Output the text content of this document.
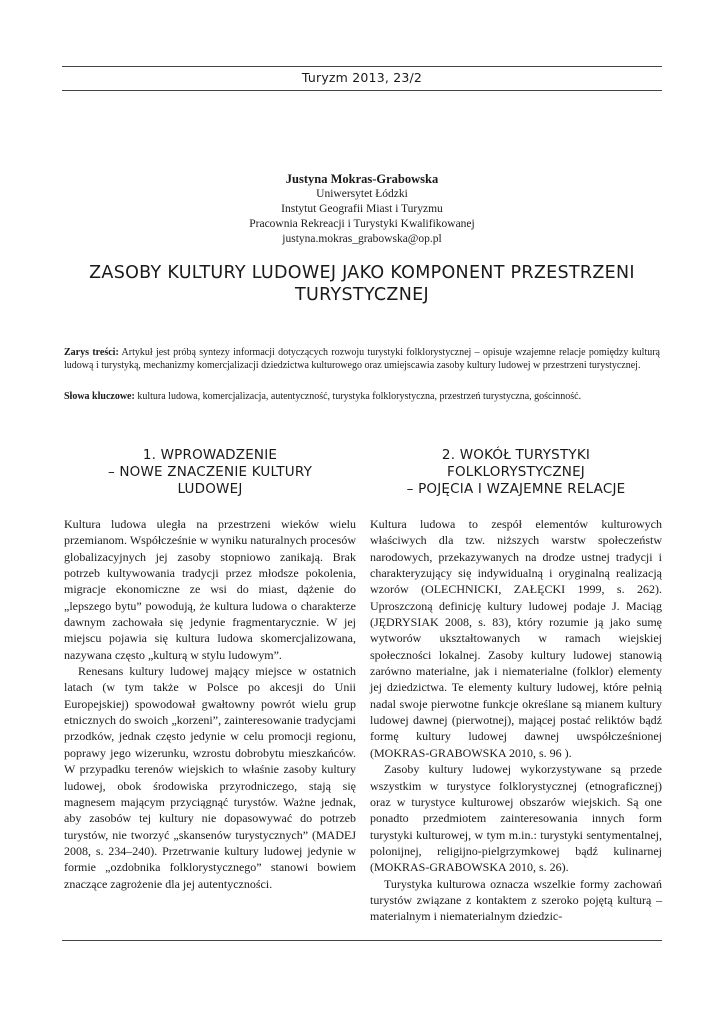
Turyzm 2013, 23/2
Justyna Mokras-Grabowska
Uniwersytet Łódzki
Instytut Geografii Miast i Turyzmu
Pracownia Rekreacji i Turystyki Kwalifikowanej
justyna.mokras_grabowska@op.pl
ZASOBY KULTURY LUDOWEJ JAKO KOMPONENT PRZESTRZENI
TURYSTYCZNEJ
Zarys treści: Artykuł jest próbą syntezy informacji dotyczących rozwoju turystyki folklorystycznej – opisuje wzajemne relacje pomiędzy kulturą ludową i turystyką, mechanizmy komercjalizacji dziedzictwa kulturowego oraz umiejscawia zasoby kultury ludowej w przestrzeni turystycznej.
Słowa kluczowe: kultura ludowa, komercjalizacja, autentyczność, turystyka folklorystyczna, przestrzeń turystyczna, gościnność.
1. WPROWADZENIE
– NOWE ZNACZENIE KULTURY
LUDOWEJ
2. WOKÓŁ TURYSTYKI
FOLKLORYSTYCZNEJ
– POJĘCIA I WZAJEMNE RELACJE

Kultura ludowa uległa na przestrzeni wieków wielu przemianom. Współcześnie w wyniku naturalnych procesów globalizacyjnych jej zasoby stopniowo zanikają. Brak potrzeb kultywowania tradycji przez młodsze pokolenia, migracje ekonomiczne ze wsi do miast, dążenie do „lepszego bytu” powodują, że kultura ludowa o charakterze dawnym zachowała się jedynie fragmentarycznie. W jej miejscu pojawia się kultura ludowa skomercjalizowana, nazywana często „kulturą w stylu ludowym”.

Renesans kultury ludowej mający miejsce w ostatnich latach (w tym także w Polsce po akcesji do Unii Europejskiej) spowodował gwałtowny powrót wielu grup etnicznych do swoich „korzeni”, zainteresowanie tradycjami przodków, jednak często jedynie w celu promocji regionu, poprawy jego wizerunku, wzrostu dobrobytu mieszkańców. W przypadku terenów wiejskich to właśnie zasoby kultury ludowej, obok środowiska przyrodniczego, stają się magnesem mającym przyciągnąć turystów. Ważne jednak, aby zasobów tej kultury nie dopasowywać do potrzeb turystów, nie tworzyć „skansenów turystycznych” (MADEJ 2008, s. 234–240). Przetrwanie kultury ludowej jedynie w formie „ozdobnika folklorystycznego” stanowi bowiem znaczące zagrożenie dla jej autentyczności.

Kultura ludowa to zespół elementów kulturowych właściwych dla tzw. niższych warstw społeczeństw narodowych, przekazywanych na drodze ustnej tradycji i charakteryzujący się indywidualną i oryginalną realizacją wzorów (OLECHNICKI, ZAŁĘCKI 1999, s. 262). Uproszczoną definicję kultury ludowej podaje J. Maciąg (JĘDRYSIAK 2008, s. 83), który rozumie ją jako sumę wytworów ukształtowanych w ramach wiejskiej społeczności lokalnej. Zasoby kultury ludowej stanowią zarówno materialne, jak i niematerialne (folklor) elementy jej dziedzictwa. Te elementy kultury ludowej, które pełnią nadal swoje pierwotne funkcje określane są mianem kultury ludowej dawnej (pierwotnej), mającej postać reliktów bądź formę kultury ludowej dawnej uwspółcześnionej (MOKRAS-GRABOWSKA 2010, s. 96 ).

Zasoby kultury ludowej wykorzystywane są przede wszystkim w turystyce folklorystycznej (etnograficznej) oraz w turystyce kulturowej obszarów wiejskich. Są one ponadto przedmiotem zainteresowania innych form turystyki kulturowej, w tym m.in.: turystyki sentymentalnej, polonijnej, religijno-pielgrzymkowej bądź kulinarnej (MOKRAS-GRABOWSKA 2010, s. 26).

Turystyka kulturowa oznacza wszelkie formy zachowań turystów związane z kontaktem z szeroko pojętą kulturą – materialnym i niematerialnym dziedzic-
